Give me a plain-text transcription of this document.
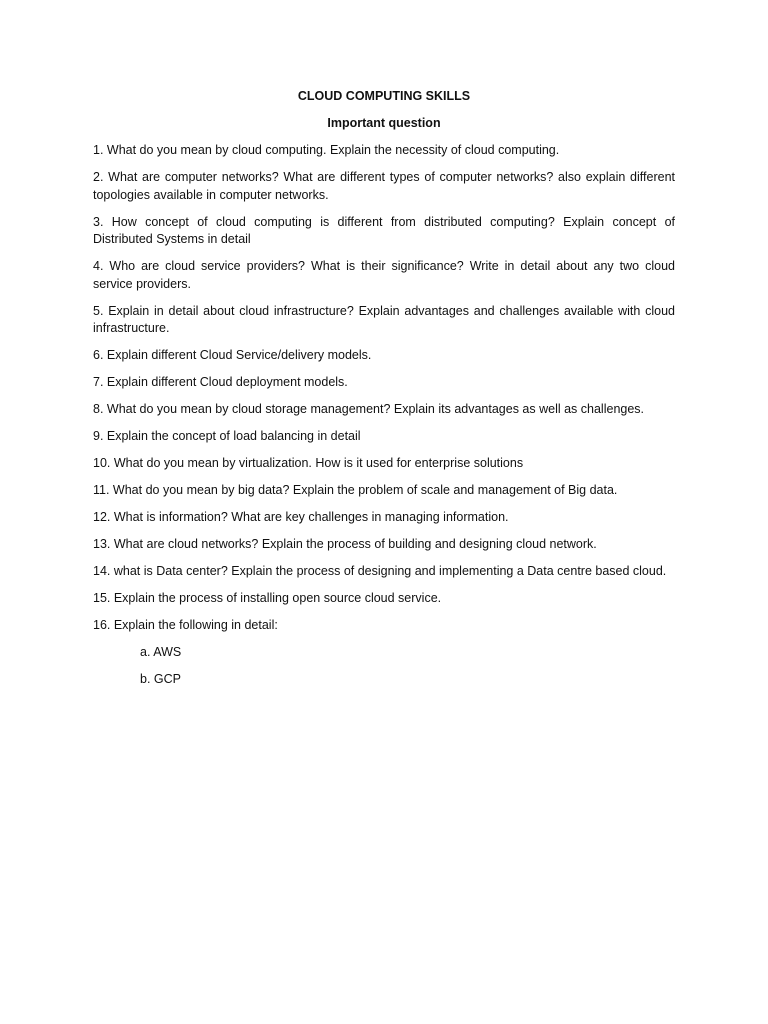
CLOUD COMPUTING SKILLS
Important question
1. What do you mean by cloud computing. Explain the necessity of cloud computing.
2. What are computer networks? What are different types of computer networks? also explain different topologies available in computer networks.
3. How concept of cloud computing is different from distributed computing? Explain concept of Distributed Systems in detail
4. Who are cloud service providers? What is their significance? Write in detail about any two cloud service providers.
5. Explain in detail about cloud infrastructure? Explain advantages and challenges available with cloud infrastructure.
6. Explain different Cloud Service/delivery models.
7. Explain different Cloud deployment models.
8. What do you mean by cloud storage management? Explain its advantages as well as challenges.
9. Explain the concept of load balancing in detail
10. What do you mean by virtualization. How is it used for enterprise solutions
11. What do you mean by big data? Explain the problem of scale and management of Big data.
12. What is information? What are key challenges in managing information.
13. What are cloud networks? Explain the process of building and designing cloud network.
14. what is Data center? Explain the process of designing and implementing a Data centre based cloud.
15. Explain the process of installing open source cloud service.
16. Explain the following in detail:
a. AWS
b. GCP
